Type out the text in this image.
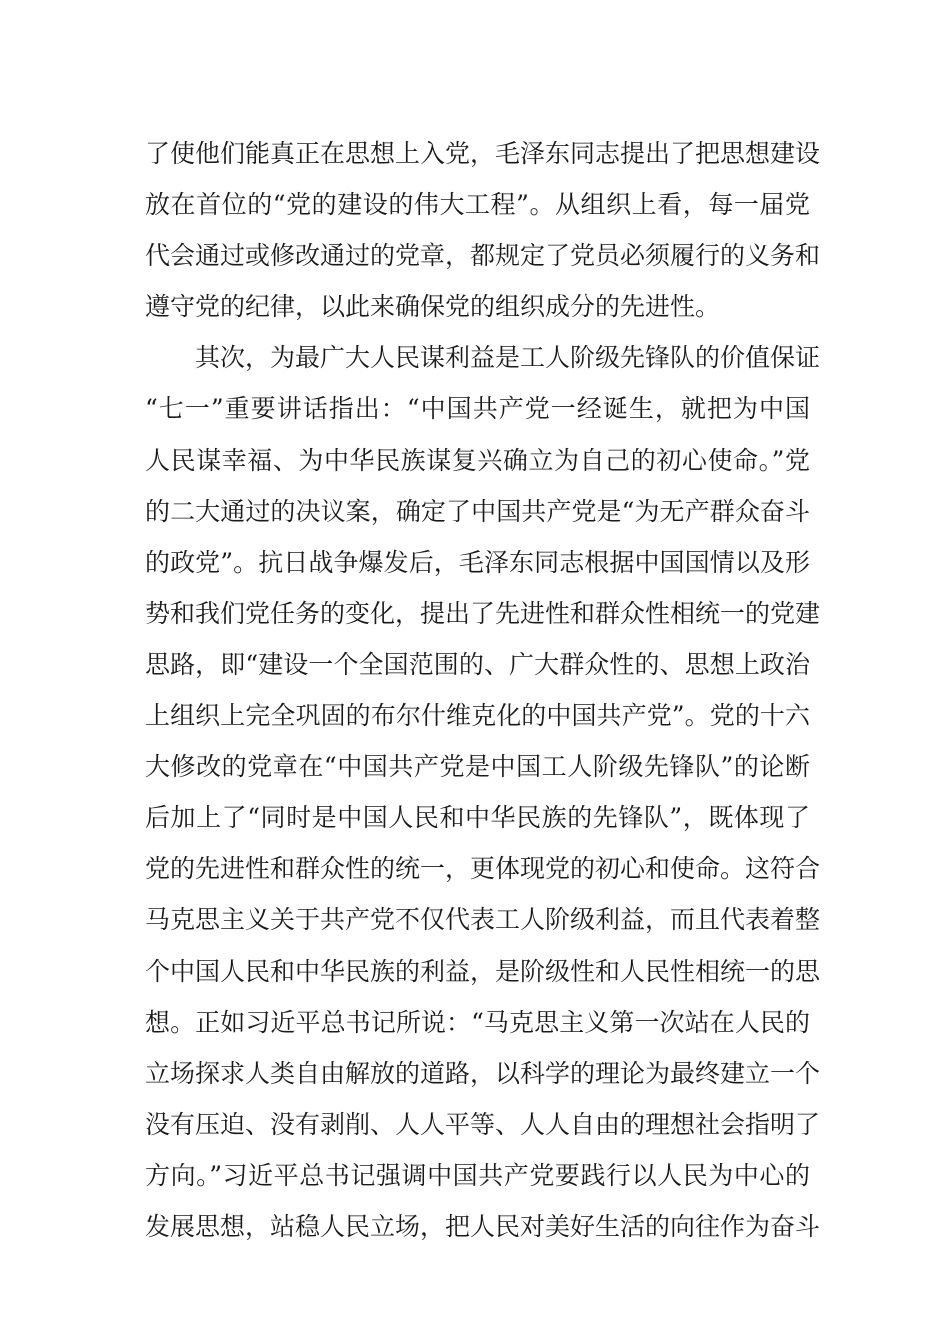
了使他们能真正在思想上入党，毛泽东同志提出了把思想建设
放在首位的“党的建设的伟大工程”。从组织上看，每一届党
代会通过或修改通过的党章，都规定了党员必须履行的义务和
遵守党的纪律，以此来确保党的组织成分的先进性。
其次，为最广大人民谋利益是工人阶级先锋队的价值保证
“七一”重要讲话指出：“中国共产党一经诞生，就把为中国
人民谋幸福、为中华民族谋复兴确立为自己的初心使命。”党
的二大通过的决议案，确定了中国共产党是“为无产群众奋斗
的政党”。抗日战争爆发后，毛泽东同志根据中国国情以及形
势和我们党任务的变化，提出了先进性和群众性相统一的党建
思路，即“建设一个全国范围的、广大群众性的、思想上政治
上组织上完全巩固的布尔什维克化的中国共产党”。党的十六
大修改的党章在“中国共产党是中国工人阶级先锋队”的论断
后加上了“同时是中国人民和中华民族的先锋队”，既体现了
党的先进性和群众性的统一，更体现党的初心和使命。这符合
马克思主义关于共产党不仅代表工人阶级利益，而且代表着整
个中国人民和中华民族的利益，是阶级性和人民性相统一的思
想。正如习近平总书记所说：“马克思主义第一次站在人民的
立场探求人类自由解放的道路，以科学的理论为最终建立一个
没有压迫、没有剥削、人人平等、人人自由的理想社会指明了
方向。”习近平总书记强调中国共产党要践行以人民为中心的
发展思想，站稳人民立场，把人民对美好生活的向往作为奋斗
